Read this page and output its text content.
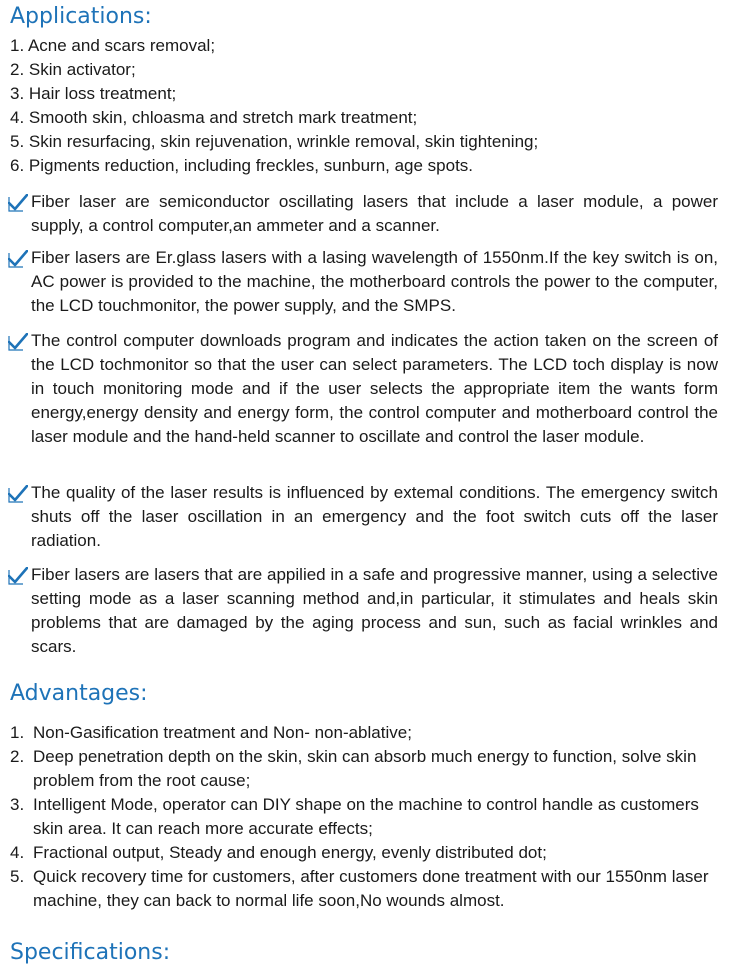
Applications:
1. Acne and scars removal;
2. Skin activator;
3. Hair loss treatment;
4. Smooth skin, chloasma and stretch mark treatment;
5. Skin resurfacing, skin rejuvenation, wrinkle removal, skin tightening;
6. Pigments reduction, including freckles, sunburn, age spots.
Fiber laser are semiconductor oscillating lasers that include a laser module, a power supply, a control computer,an ammeter and a scanner.
Fiber lasers are Er.glass lasers with a lasing wavelength of 1550nm.If the key switch is on, AC power is provided to the machine, the motherboard controls the power to the computer, the LCD touchmonitor, the power supply, and the SMPS.
The control computer downloads program and indicates the action taken on the screen of the LCD tochmonitor so that the user can select parameters. The LCD toch display is now in touch monitoring mode and if the user selects the appropriate item the wants form energy,energy density and energy form, the control computer and motherboard control the laser module and the hand-held scanner to oscillate and control the laser module.
The quality of the laser results is influenced by extemal conditions. The emergency switch shuts off the laser oscillation in an emergency and the foot switch cuts off the laser radiation.
Fiber lasers are lasers that are appilied in a safe and progressive manner, using a selective setting mode as a laser scanning method and,in particular, it stimulates and heals skin problems that are damaged by the aging process and sun, such as facial wrinkles and scars.
Advantages:
1. Non-Gasification treatment and Non- non-ablative;
2. Deep penetration depth on the skin, skin can absorb much energy to function, solve skin problem from the root cause;
3. Intelligent Mode, operator can DIY shape on the machine to control handle as customers skin area. It can reach more accurate effects;
4. Fractional output, Steady and enough energy, evenly distributed dot;
5. Quick recovery time for customers, after customers done treatment with our 1550nm laser machine, they can back to normal life soon,No wounds almost.
Specifications:
